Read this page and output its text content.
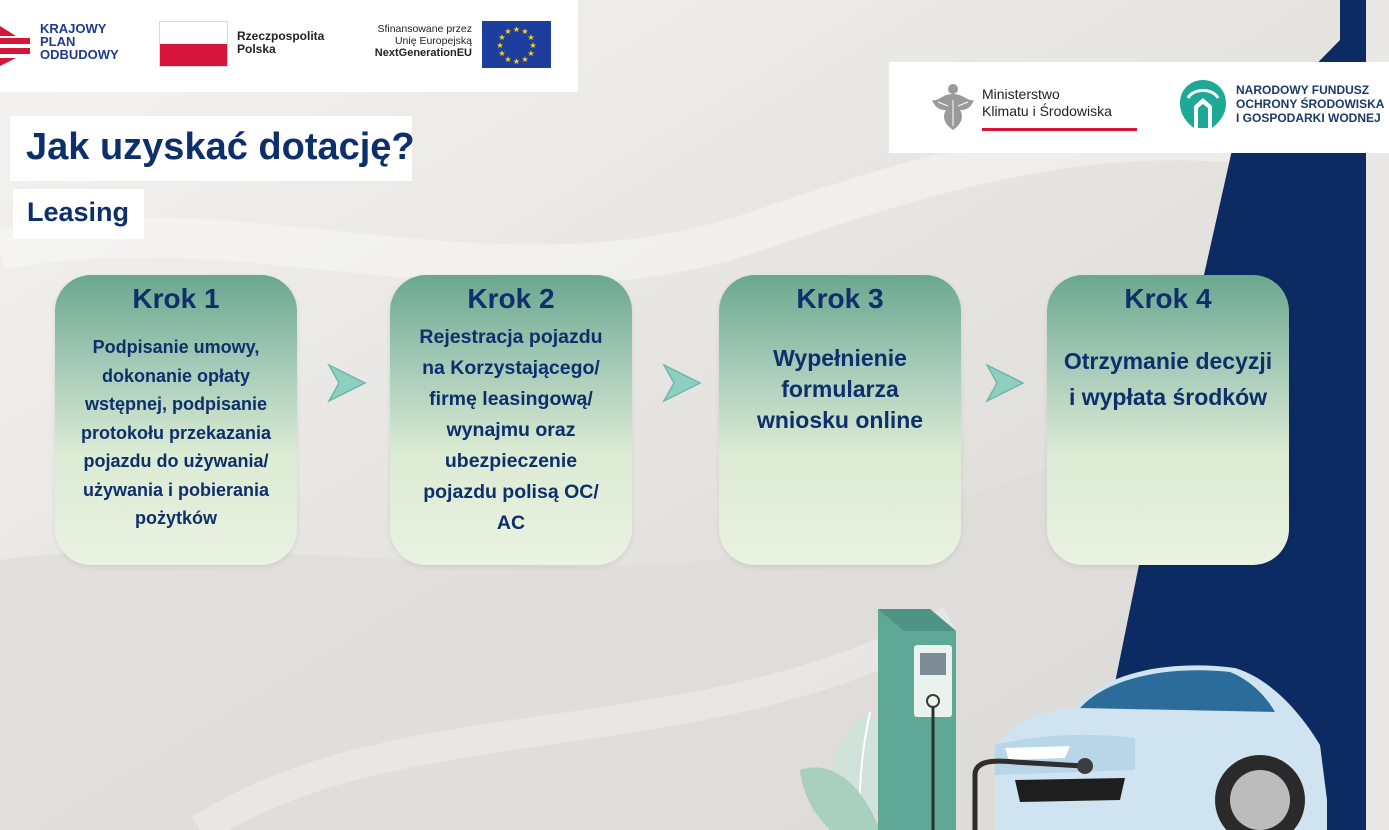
KRAJOWY
PLAN
ODBUDOWY
Rzeczpospolita
Polska
Sfinansowane przez
Unię Europejską
NextGenerationEU
★ ★
★
★
★
★
★
★
★
★
★
★
Ministerstwo
Klimatu i Środowiska
NARODOWY FUNDUSZ
OCHRONY ŚRODOWISKA
I GOSPODARKI WODNEJ
Jak uzyskać dotację?
Leasing
Krok 1
Podpisanie umowy,
dokonanie opłaty
wstępnej, podpisanie
protokołu przekazania
pojazdu do używania/
używania i pobierania
pożytków
Krok 2
Rejestracja pojazdu
na Korzystającego/
firmę leasingową/
wynajmu oraz
ubezpieczenie
pojazdu polisą OC/
AC
Krok 3
Wypełnienie
formularza
wniosku online
Krok 4
Otrzymanie decyzji
i wypłata środków
